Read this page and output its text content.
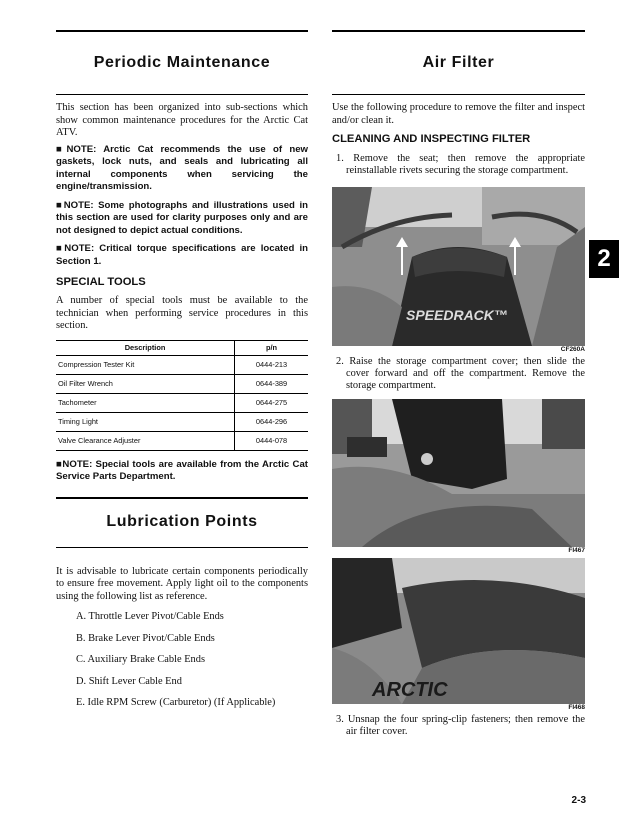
Periodic Maintenance

This section has been organized into sub-sections which show common maintenance procedures for the Arctic Cat ATV.

■NOTE: Arctic Cat recommends the use of new gaskets, lock nuts, and seals and lubricating all internal components when servicing the engine/transmission.

■NOTE: Some photographs and illustrations used in this section are used for clarity purposes only and are not designed to depict actual conditions.

■NOTE: Critical torque specifications are located in Section 1.

SPECIAL TOOLS

A number of special tools must be available to the technician when performing service procedures in this section.

Description	p/n
Compression Tester Kit	0444-213
Oil Filter Wrench	0644-389
Tachometer	0644-275
Timing Light	0644-296
Valve Clearance Adjuster	0444-078

■NOTE: Special tools are available from the Arctic Cat Service Parts Department.

Lubrication Points

It is advisable to lubricate certain components periodically to ensure free movement. Apply light oil to the components using the following list as reference.

A. Throttle Lever Pivot/Cable Ends

B. Brake Lever Pivot/Cable Ends

C. Auxiliary Brake Cable Ends

D. Shift Lever Cable End

E. Idle RPM Screw (Carburetor) (If Applicable)

Air Filter

Use the following procedure to remove the filter and inspect and/or clean it.

CLEANING AND INSPECTING FILTER
1. Remove the seat; then remove the appropriate reinstallable rivets securing the storage compartment.
SPEEDRACK™
CF260A
2. Raise the storage compartment cover; then slide the cover forward and off the compartment. Remove the storage compartment.
FI467
ARCTIC
FI468
3. Unsnap the four spring-clip fasteners; then remove the air filter cover.
2
2-3
